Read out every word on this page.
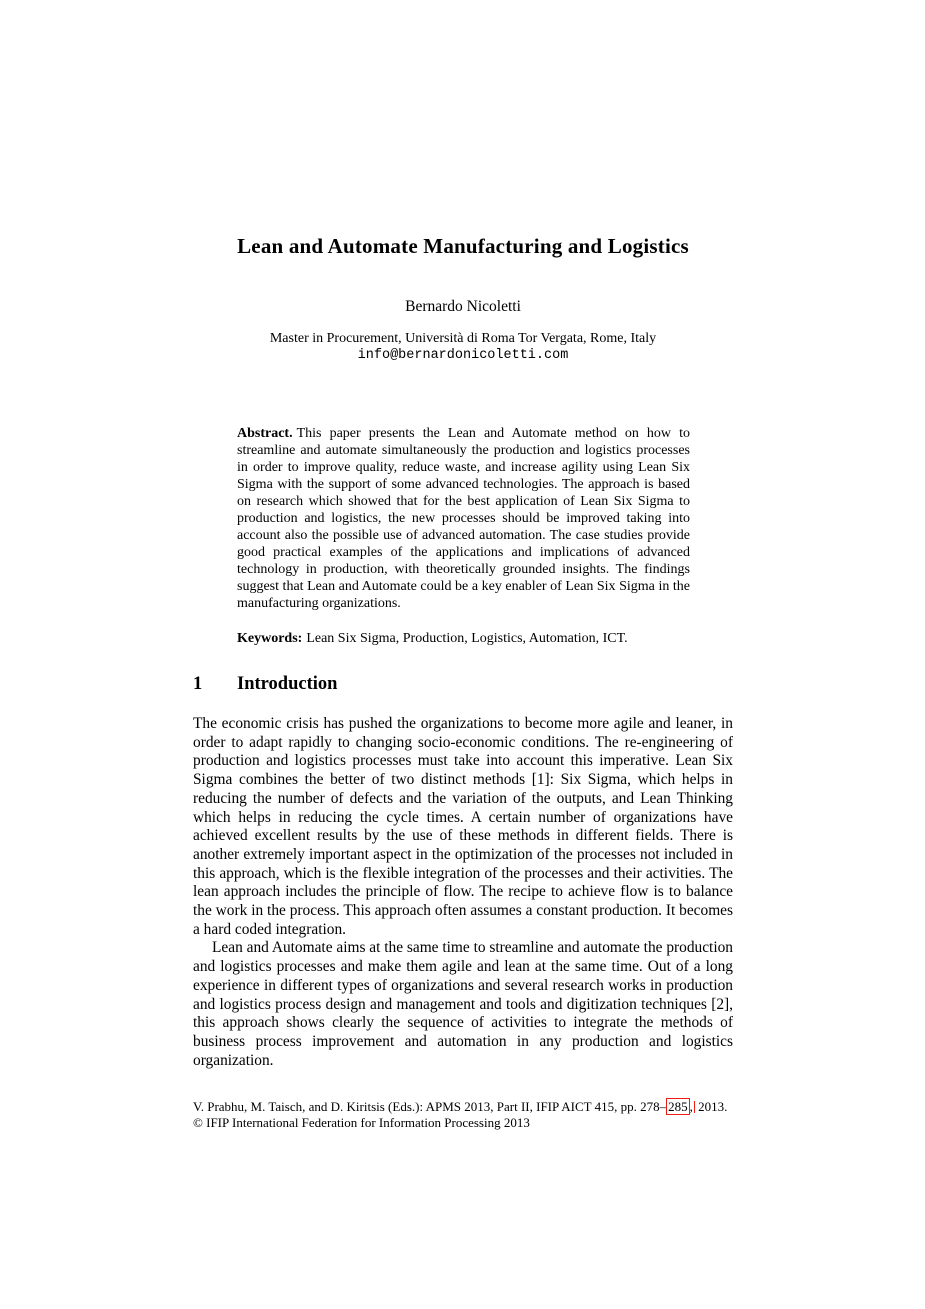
Lean and Automate Manufacturing and Logistics
Bernardo Nicoletti
Master in Procurement, Università di Roma Tor Vergata, Rome, Italy
info@bernardonicoletti.com
Abstract. This paper presents the Lean and Automate method on how to streamline and automate simultaneously the production and logistics processes in order to improve quality, reduce waste, and increase agility using Lean Six Sigma with the support of some advanced technologies. The approach is based on research which showed that for the best application of Lean Six Sigma to production and logistics, the new processes should be improved taking into account also the possible use of advanced automation. The case studies provide good practical examples of the applications and implications of advanced technology in production, with theoretically grounded insights. The findings suggest that Lean and Automate could be a key enabler of Lean Six Sigma in the manufacturing organizations.
Keywords: Lean Six Sigma, Production, Logistics, Automation, ICT.
1 Introduction

The economic crisis has pushed the organizations to become more agile and leaner, in order to adapt rapidly to changing socio-economic conditions. The re-engineering of production and logistics processes must take into account this imperative. Lean Six Sigma combines the better of two distinct methods [1]: Six Sigma, which helps in reducing the number of defects and the variation of the outputs, and Lean Thinking which helps in reducing the cycle times. A certain number of organizations have achieved excellent results by the use of these methods in different fields. There is another extremely important aspect in the optimization of the processes not included in this approach, which is the flexible integration of the processes and their activities. The lean approach includes the principle of flow. The recipe to achieve flow is to balance the work in the process. This approach often assumes a constant production. It becomes a hard coded integration.

Lean and Automate aims at the same time to streamline and automate the production and logistics processes and make them agile and lean at the same time. Out of a long experience in different types of organizations and several research works in production and logistics process design and management and tools and digitization techniques [2], this approach shows clearly the sequence of activities to integrate the methods of business process improvement and automation in any production and logistics organization.

V. Prabhu, M. Taisch, and D. Kiritsis (Eds.): APMS 2013, Part II, IFIP AICT 415, pp. 278– 285 , 2013.
© IFIP International Federation for Information Processing 2013
